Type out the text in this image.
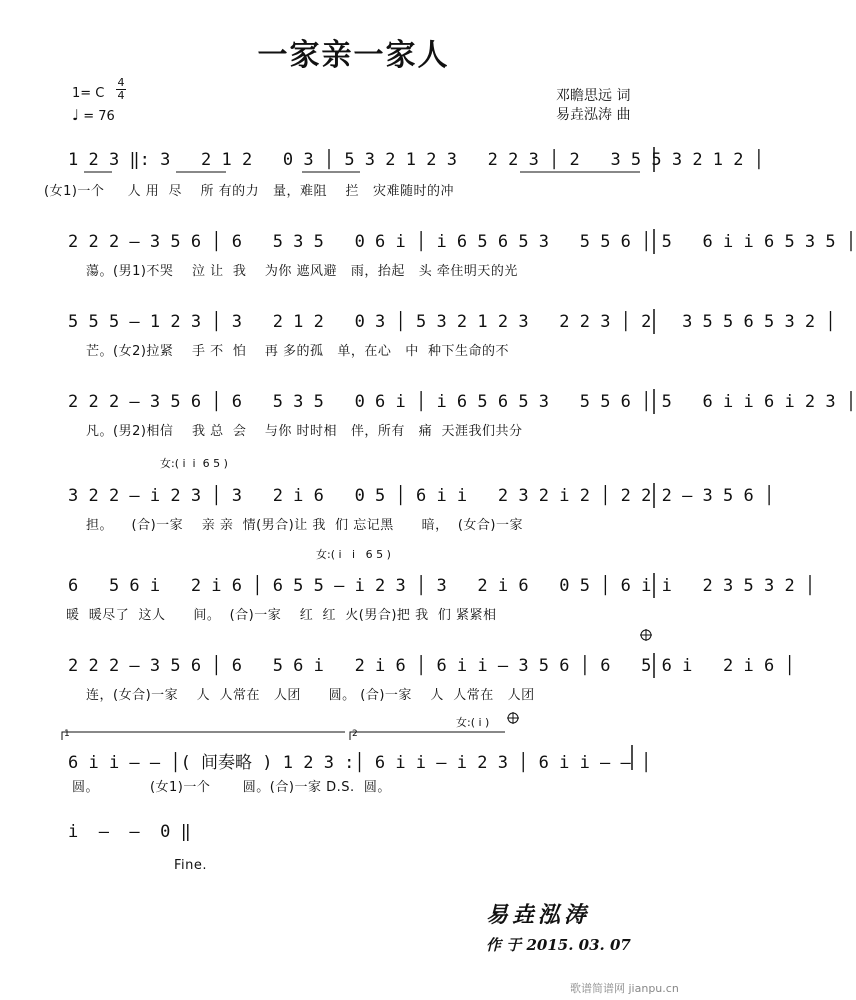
一家亲一家人
1= C
4
4
♩ = 76
邓瞻思远 词
易垚泓涛 曲
1 2 3 ‖: 3   2 1 2   0 3 │ 5 3 2 1 2 3   2 2 3 │ 2   3 5 5 3 2 1 2 │
(女1)一个     人 用  尽    所 有的力   量，难阻    拦   灾难随时的冲
2 2 2 — 3 5 6 │ 6   5 3 5   0 6 i │ i 6 5 6 5 3   5 5 6 │ 5   6 i i 6 5 3 5 │
蕩。(男1)不哭    泣 让  我    为你 遮风避   雨，抬起   头 牵住明天的光
5 5 5 — 1 2 3 │ 3   2 1 2   0 3 │ 5 3 2 1 2 3   2 2 3 │ 2   3 5 5 6 5 3 2 │
芒。(女2)拉紧    手 不  怕    再 多的孤   单，在心   中  种下生命的不
2 2 2 — 3 5 6 │ 6   5 3 5   0 6 i │ i 6 5 6 5 3   5 5 6 │ 5   6 i i 6 i 2 3 │
凡。(男2)相信    我 总  会    与你 时时相   伴，所有   痛  天涯我们共分
女:( i  i  6 5 )
3 2 2 — i 2 3 │ 3   2 i 6   0 5 │ 6 i i   2 3 2 i 2 │ 2 2 2 — 3 5 6 │
担。    (合)一家    亲 亲  情(男合)让 我  们 忘记黑      暗，  (女合)一家
女:( i   i   6 5 )
6   5 6 i   2 i 6 │ 6 5 5 — i 2 3 │ 3   2 i 6   0 5 │ 6 i i   2 3 5 3 2 │
暖  暖尽了  这人      间。  (合)一家    红  红  火(男合)把 我  们 紧紧相
2 2 2 — 3 5 6 │ 6   5 6 i   2 i 6 │ 6 i i — 3 5 6 │ 6   5 6 i   2 i 6 │
连，(女合)一家    人  人常在   人团      圆。 (合)一家    人  人常在   人团
女:( i )
1	2
6 i i — — │( 间奏略 ) 1 2 3 :│ 6 i i — i 2 3 │ 6 i i — — │
圆。           (女1)一个       圆。(合)一家 D.S.  圆。
i  —  —  0 ‖
Fine.
易垚泓涛
作 于 2015. 03. 07
歌谱简谱网 jianpu.cn
